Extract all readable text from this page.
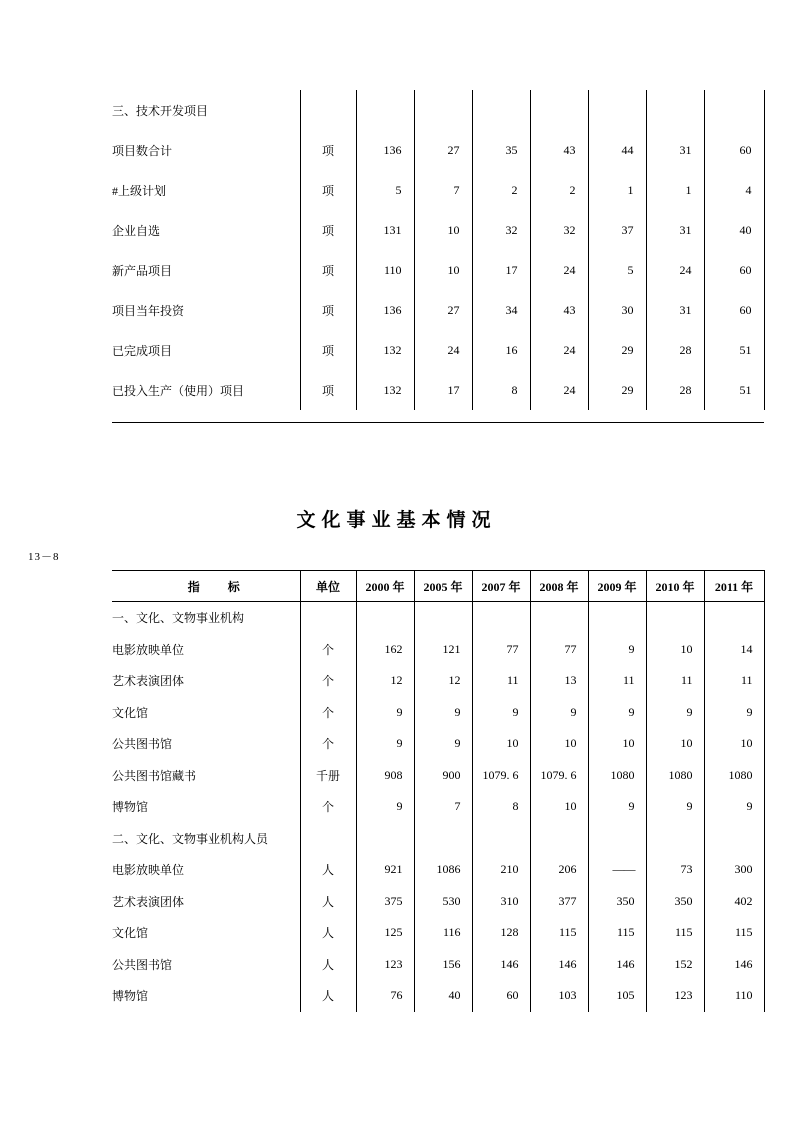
三、技术开发项目								
项目数合计	项	136	27	35	43	44	31	60
#上级计划	项	5	7	2	2	1	1	4
企业自选	项	131	10	32	32	37	31	40
新产品项目	项	110	10	17	24	5	24	60
项目当年投资	项	136	27	34	43	30	31	60
已完成项目	项	132	24	16	24	29	28	51
已投入生产（使用）项目	项	132	17	8	24	29	28	51
文化事业基本情况
13－8
指　标	单位	2000 年	2005 年	2007 年	2008 年	2009 年	2010 年	2011 年
一、文化、文物事业机构								
电影放映单位	个	162	121	77	77	9	10	14
艺术表演团体	个	12	12	11	13	11	11	11
文化馆	个	9	9	9	9	9	9	9
公共图书馆	个	9	9	10	10	10	10	10
公共图书馆藏书	千册	908	900	1079. 6	1079. 6	1080	1080	1080
博物馆	个	9	7	8	10	9	9	9
二、文化、文物事业机构人员								
电影放映单位	人	921	1086	210	206	——	73	300
艺术表演团体	人	375	530	310	377	350	350	402
文化馆	人	125	116	128	115	115	115	115
公共图书馆	人	123	156	146	146	146	152	146
博物馆	人	76	40	60	103	105	123	110
